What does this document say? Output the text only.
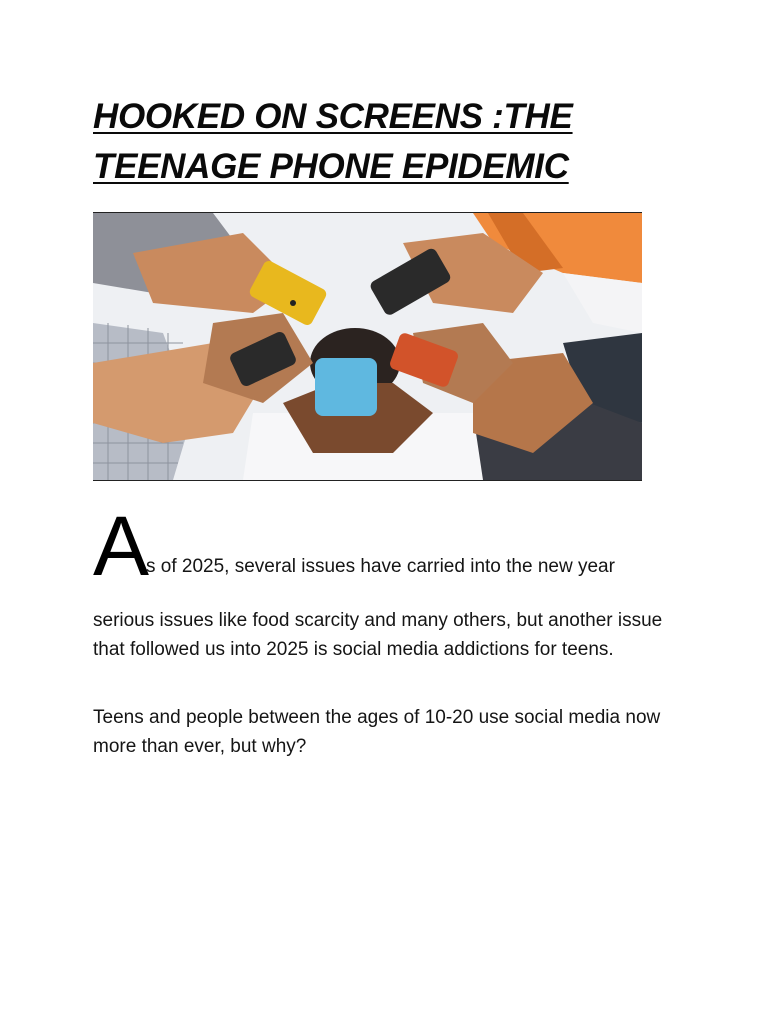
HOOKED ON SCREENS :THE TEENAGE PHONE EPIDEMIC
A
s of 2025, several issues have carried into the new year

serious issues like food scarcity and many others, but another issue that followed us into 2025 is social media addictions for teens.

Teens and people between the ages of 10-20 use social media now more than ever, but why?
